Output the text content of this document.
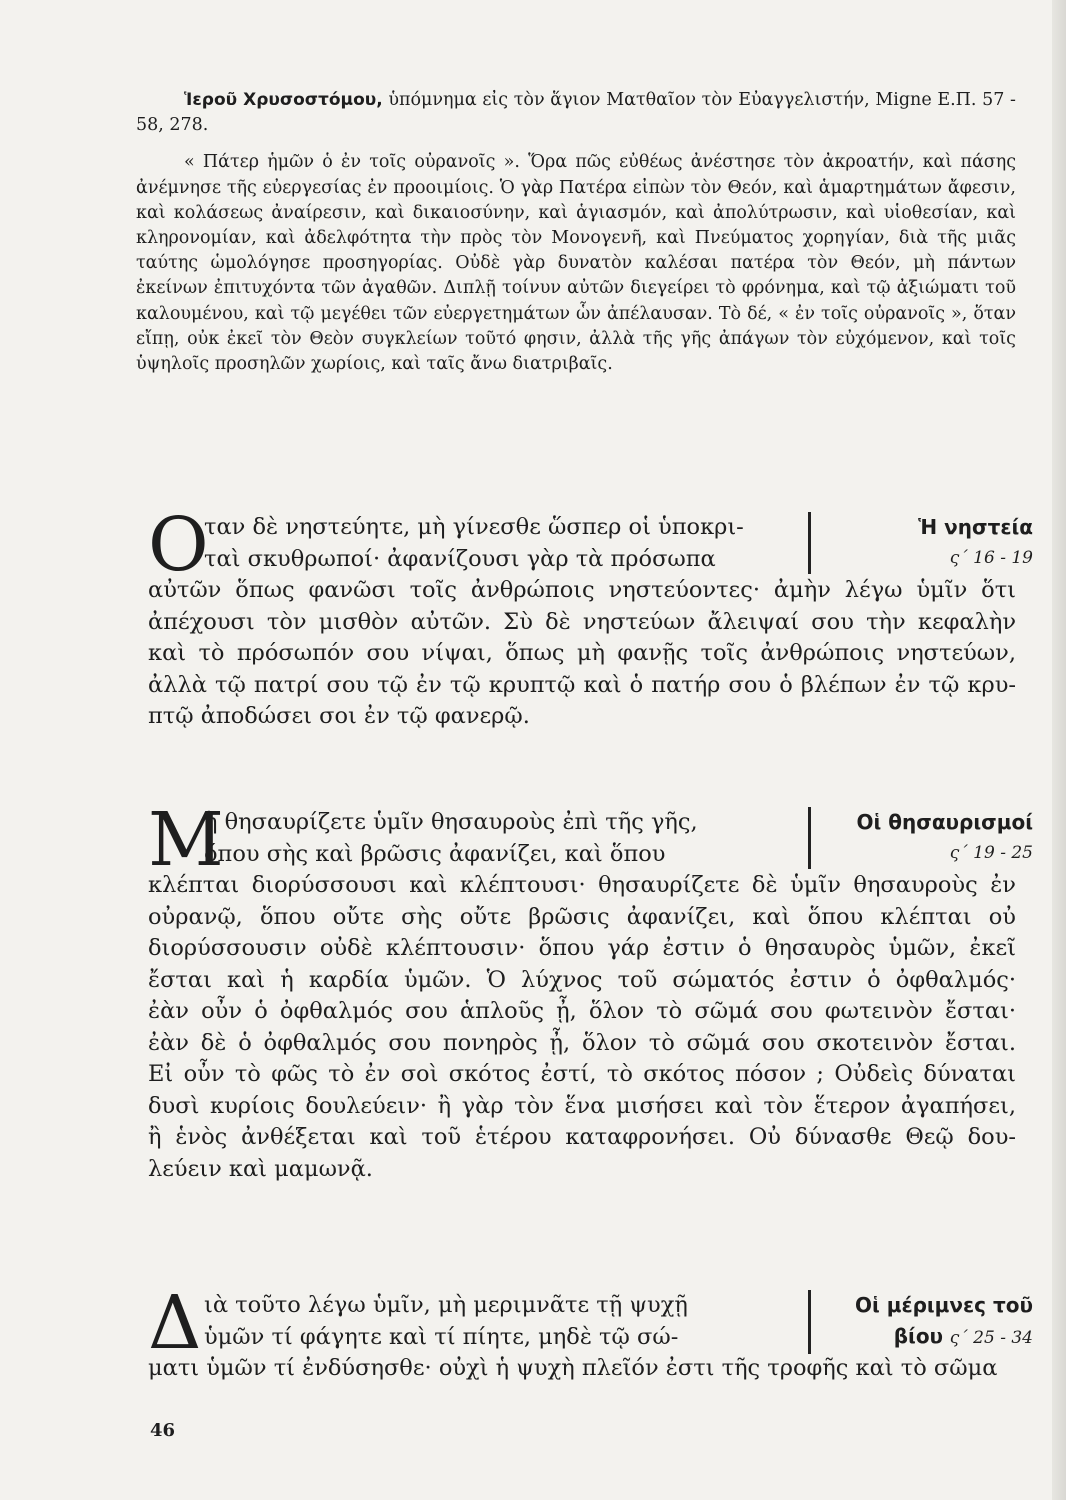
Ἱεροῦ Χρυσοστόμου, ὑπόμνημα εἰς τὸν ἅγιον Ματθαῖον τὸν Εὐαγγελιστήν, Migne Ε.Π. 57 - 58, 278.

« Πάτερ ἡμῶν ὁ ἐν τοῖς οὐρανοῖς ». Ὅρα πῶς εὐθέως ἀνέστησε τὸν ἀκροατήν, καὶ πάσης ἀνέμνησε τῆς εὐεργεσίας ἐν προοιμίοις. Ὁ γὰρ Πατέρα εἰπὼν τὸν Θεόν, καὶ ἁμαρτημάτων ἄφεσιν, καὶ κολάσεως ἀναίρεσιν, καὶ δικαιοσύνην, καὶ ἁγιασμόν, καὶ ἀπολύτρωσιν, καὶ υἱοθεσίαν, καὶ κληρονομίαν, καὶ ἀδελφότητα τὴν πρὸς τὸν Μονογενῆ, καὶ Πνεύματος χορηγίαν, διὰ τῆς μιᾶς ταύτης ὡμολόγησε προσηγορίας. Οὐδὲ γὰρ δυνατὸν καλέσαι πατέρα τὸν Θεόν, μὴ πάντων ἐκείνων ἐπιτυχόντα τῶν ἀγαθῶν. Διπλῇ τοίνυν αὐτῶν διεγείρει τὸ φρόνημα, καὶ τῷ ἀξιώματι τοῦ καλουμένου, καὶ τῷ μεγέθει τῶν εὐεργετημάτων ὧν ἀπέλαυσαν. Τὸ δέ, « ἐν τοῖς οὐρανοῖς », ὅταν εἴπῃ, οὐκ ἐκεῖ τὸν Θεὸν συγκλείων τοῦτό φησιν, ἀλλὰ τῆς γῆς ἀπάγων τὸν εὐχόμενον, καὶ τοῖς ὑψηλοῖς προσηλῶν χωρίοις, καὶ ταῖς ἄνω διατριβαῖς.

Ο
ταν δὲ νηστεύητε, μὴ γίνεσθε ὥσπερ οἱ ὑποκρι-
ταὶ σκυθρωποί· ἀφανίζουσι γὰρ τὰ πρόσωπα
αὐτῶν ὅπως φανῶσι τοῖς ἀνθρώποις νηστεύοντες· ἀμὴν λέγω ὑμῖν ὅτι
ἀπέχουσι τὸν μισθὸν αὐτῶν. Σὺ δὲ νηστεύων ἄλειψαί σου τὴν κεφαλὴν
καὶ τὸ πρόσωπόν σου νίψαι, ὅπως μὴ φανῇς τοῖς ἀνθρώποις νηστεύων,
ἀλλὰ τῷ πατρί σου τῷ ἐν τῷ κρυπτῷ καὶ ὁ πατήρ σου ὁ βλέπων ἐν τῷ κρυ-
πτῷ ἀποδώσει σοι ἐν τῷ φανερῷ.
Ἡ νηστεία
ς΄ 16 - 19
Μ
ὴ θησαυρίζετε ὑμῖν θησαυροὺς ἐπὶ τῆς γῆς,
ὅπου σὴς καὶ βρῶσις ἀφανίζει, καὶ ὅπου
κλέπται διορύσσουσι καὶ κλέπτουσι· θησαυρίζετε δὲ ὑμῖν θησαυροὺς ἐν
οὐρανῷ, ὅπου οὔτε σὴς οὔτε βρῶσις ἀφανίζει, καὶ ὅπου κλέπται οὐ
διορύσσουσιν οὐδὲ κλέπτουσιν· ὅπου γάρ ἐστιν ὁ θησαυρὸς ὑμῶν, ἐκεῖ
ἔσται καὶ ἡ καρδία ὑμῶν. Ὁ λύχνος τοῦ σώματός ἐστιν ὁ ὀφθαλμός·
ἐὰν οὖν ὁ ὀφθαλμός σου ἁπλοῦς ᾖ, ὅλον τὸ σῶμά σου φωτεινὸν ἔσται·
ἐὰν δὲ ὁ ὀφθαλμός σου πονηρὸς ᾖ, ὅλον τὸ σῶμά σου σκοτεινὸν ἔσται.
Εἰ οὖν τὸ φῶς τὸ ἐν σοὶ σκότος ἐστί, τὸ σκότος πόσον ; Οὐδεὶς δύναται
δυσὶ κυρίοις δουλεύειν· ἢ γὰρ τὸν ἕνα μισήσει καὶ τὸν ἕτερον ἀγαπήσει,
ἢ ἑνὸς ἀνθέξεται καὶ τοῦ ἑτέρου καταφρονήσει. Οὐ δύνασθε Θεῷ δου-
λεύειν καὶ μαμωνᾷ.
Οἱ θησαυρισμοί
ς΄ 19 - 25
Δ ιὰ τοῦτο λέγω ὑμῖν, μὴ μεριμνᾶτε τῇ ψυχῇ
ὑμῶν τί φάγητε καὶ τί πίητε, μηδὲ τῷ σώ-
ματι ὑμῶν τί ἐνδύσησθε· οὐχὶ ἡ ψυχὴ πλεῖόν ἐστι τῆς τροφῆς καὶ τὸ σῶμα
Οἱ μέριμνες τοῦ
βίου ς΄ 25 - 34
46
